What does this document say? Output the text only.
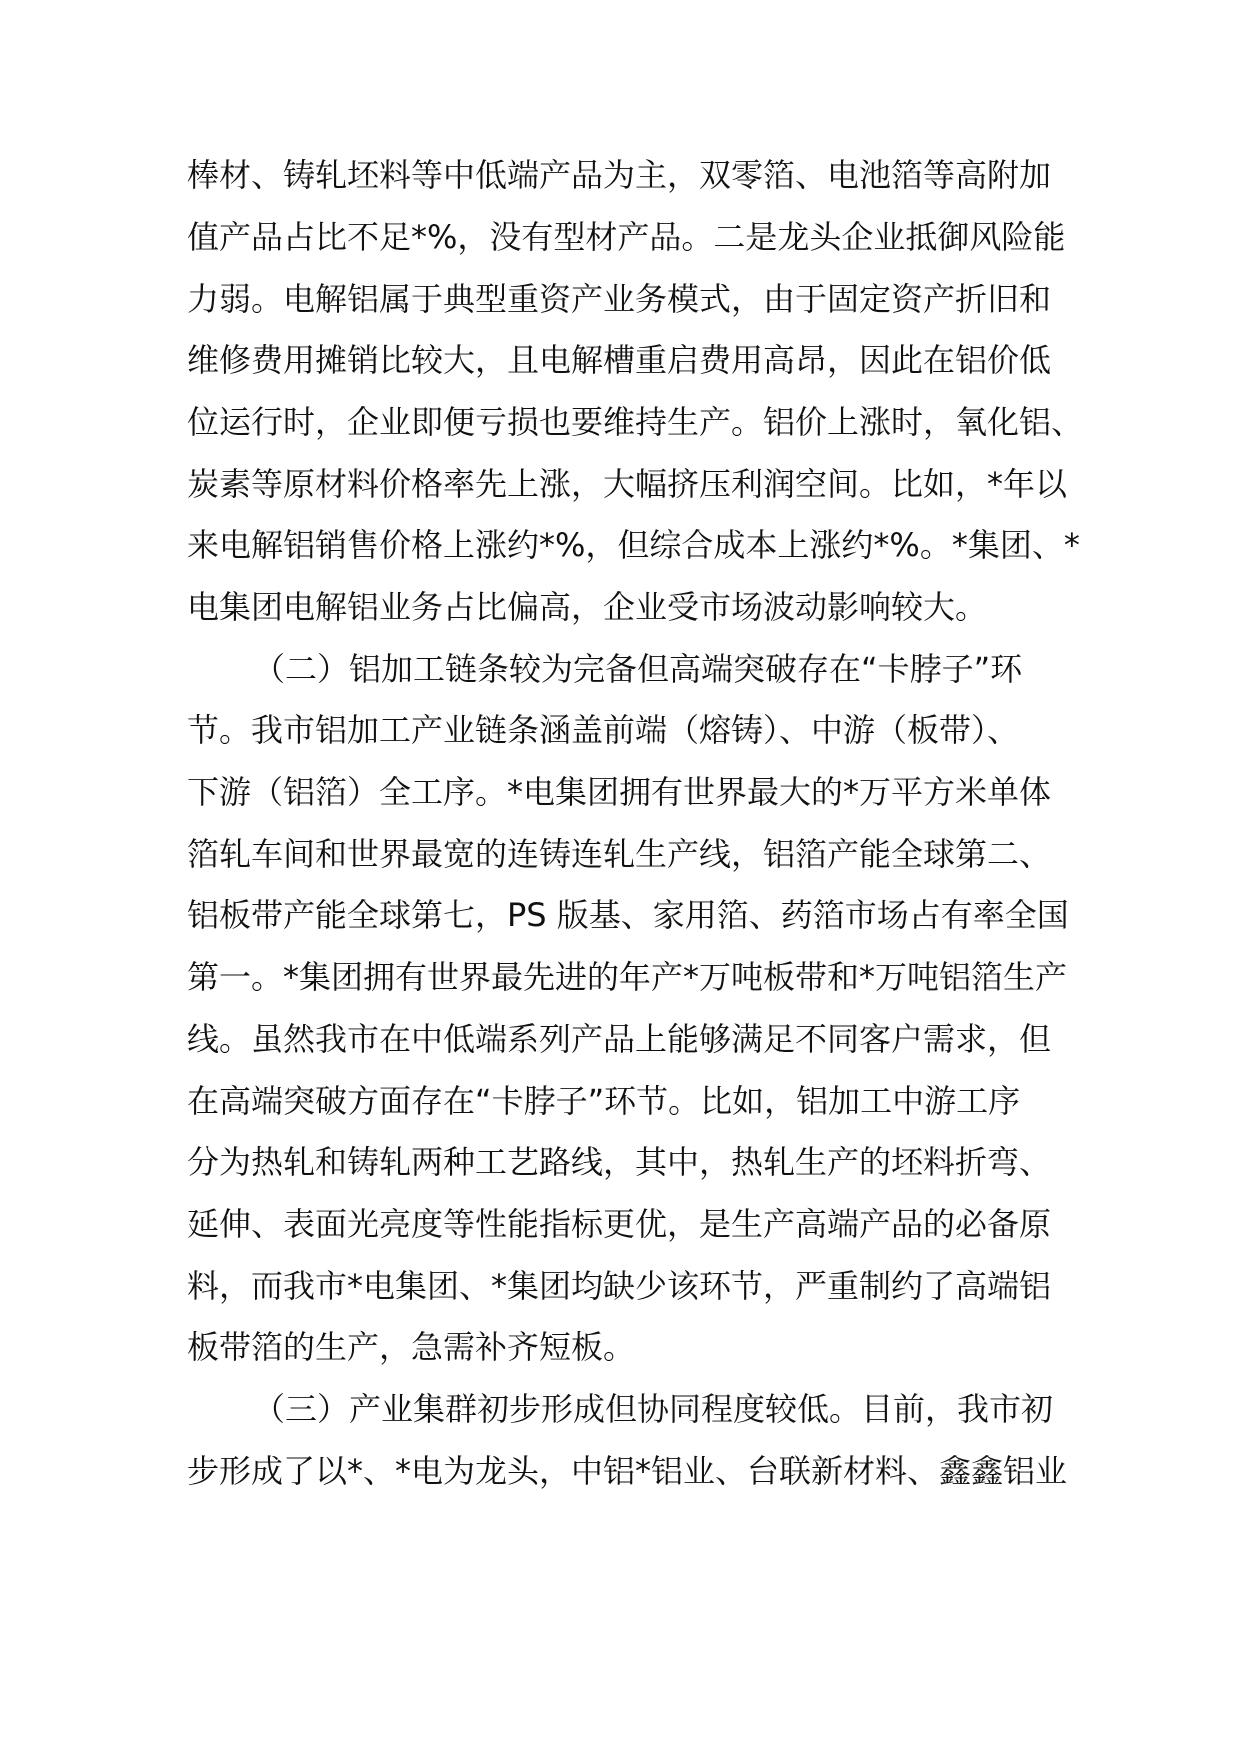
棒材、铸轧坯料等中低端产品为主，双零箔、电池箔等高附加

值产品占比不足*%，没有型材产品。二是龙头企业抵御风险能

力弱。电解铝属于典型重资产业务模式，由于固定资产折旧和

维修费用摊销比较大，且电解槽重启费用高昂，因此在铝价低

位运行时，企业即便亏损也要维持生产。铝价上涨时，氧化铝、

炭素等原材料价格率先上涨，大幅挤压利润空间。比如，*年以

来电解铝销售价格上涨约*%，但综合成本上涨约*%。*集团、*

电集团电解铝业务占比偏高，企业受市场波动影响较大。

（二）铝加工链条较为完备但高端突破存在“卡脖子”环

节。我市铝加工产业链条涵盖前端（熔铸）、中游（板带）、

下游（铝箔）全工序。*电集团拥有世界最大的*万平方米单体

箔轧车间和世界最宽的连铸连轧生产线，铝箔产能全球第二、

铝板带产能全球第七，PS 版基、家用箔、药箔市场占有率全国

第一。*集团拥有世界最先进的年产*万吨板带和*万吨铝箔生产

线。虽然我市在中低端系列产品上能够满足不同客户需求，但

在高端突破方面存在“卡脖子”环节。比如，铝加工中游工序

分为热轧和铸轧两种工艺路线，其中，热轧生产的坯料折弯、

延伸、表面光亮度等性能指标更优，是生产高端产品的必备原

料，而我市*电集团、*集团均缺少该环节，严重制约了高端铝

板带箔的生产，急需补齐短板。

（三）产业集群初步形成但协同程度较低。目前，我市初

步形成了以*、*电为龙头，中铝*铝业、台联新材料、鑫鑫铝业
